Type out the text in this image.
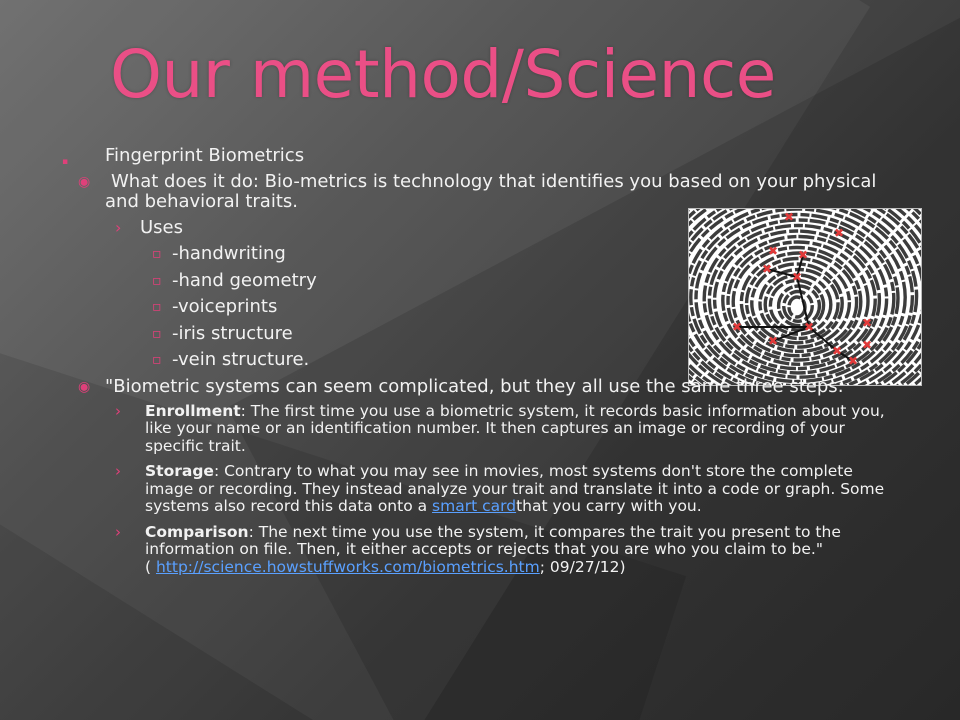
Our method/Science
✖
✖
✖ ✖
✖
✖
✖
✖	✖
✖
✖
✖
✖
▪ Fingerprint Biometrics
◉	What does it do: Bio-metrics is technology that identifies you based on your physical and behavioral traits.
› Uses
▫ -handwriting
▫ -hand geometry
▫ -voiceprints
▫ -iris structure
▫ -vein structure.
◉ "Biometric systems can seem complicated, but they all use the same three steps:
› Enrollment: The first time you use a biometric system, it records basic information about you, like your name or an identification number. It then captures an image or recording of your specific trait.
› Storage: Contrary to what you may see in movies, most systems don't store the complete image or recording. They instead analyze your trait and translate it into a code or graph. Some systems also record this data onto a smart cardthat you carry with you.
› Comparison: The next time you use the system, it compares the trait you present to the information on file. Then, it either accepts or rejects that you are who you claim to be."
( http://science.howstuffworks.com/biometrics.htm; 09/27/12)
